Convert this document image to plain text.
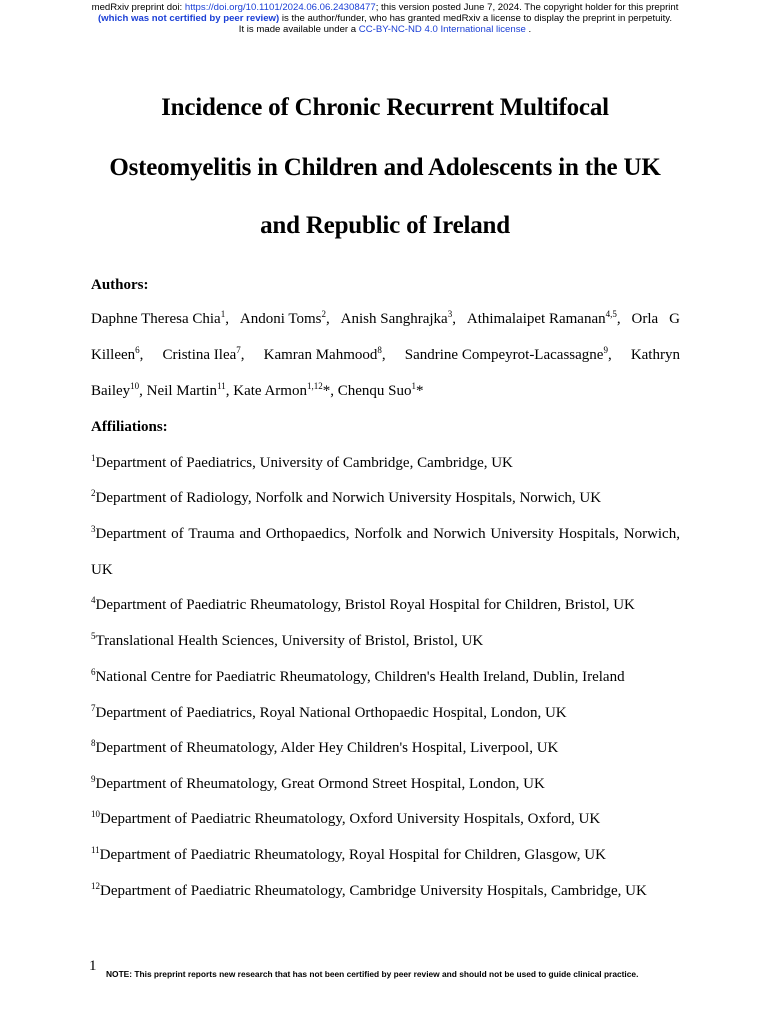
medRxiv preprint doi: https://doi.org/10.1101/2024.06.06.24308477; this version posted June 7, 2024. The copyright holder for this preprint
(which was not certified by peer review) is the author/funder, who has granted medRxiv a license to display the preprint in perpetuity.
It is made available under a CC-BY-NC-ND 4.0 International license .
Incidence of Chronic Recurrent Multifocal
Osteomyelitis in Children and Adolescents in the UK
and Republic of Ireland
Authors:
Daphne Theresa Chia$^1$, Andoni Toms$^2$, Anish Sanghrajka$^3$, Athimalaipet Ramanan$^{4,5}$, Orla G
Killeen$^6$, Cristina Ilea$^7$, Kamran Mahmood$^8$, Sandrine Compeyrot-Lacassagne$^9$, Kathryn
Bailey$^{10}$, Neil Martin$^{11}$, Kate Armon$^{1,12}$*, Chenqu Suo$^1$*
Affiliations:
$^1$Department of Paediatrics, University of Cambridge, Cambridge, UK
$^2$Department of Radiology, Norfolk and Norwich University Hospitals, Norwich, UK
$^3$Department of Trauma and Orthopaedics, Norfolk and Norwich University Hospitals, Norwich,
UK
$^4$Department of Paediatric Rheumatology, Bristol Royal Hospital for Children, Bristol, UK
$^5$Translational Health Sciences, University of Bristol, Bristol, UK
$^6$National Centre for Paediatric Rheumatology, Children's Health Ireland, Dublin, Ireland
$^7$Department of Paediatrics, Royal National Orthopaedic Hospital, London, UK
$^8$Department of Rheumatology, Alder Hey Children's Hospital, Liverpool, UK
$^9$Department of Rheumatology, Great Ormond Street Hospital, London, UK
$^{10}$Department of Paediatric Rheumatology, Oxford University Hospitals, Oxford, UK
$^{11}$Department of Paediatric Rheumatology, Royal Hospital for Children, Glasgow, UK
$^{12}$Department of Paediatric Rheumatology, Cambridge University Hospitals, Cambridge, UK
1 NOTE: This preprint reports new research that has not been certified by peer review and should not be used to guide clinical practice.
